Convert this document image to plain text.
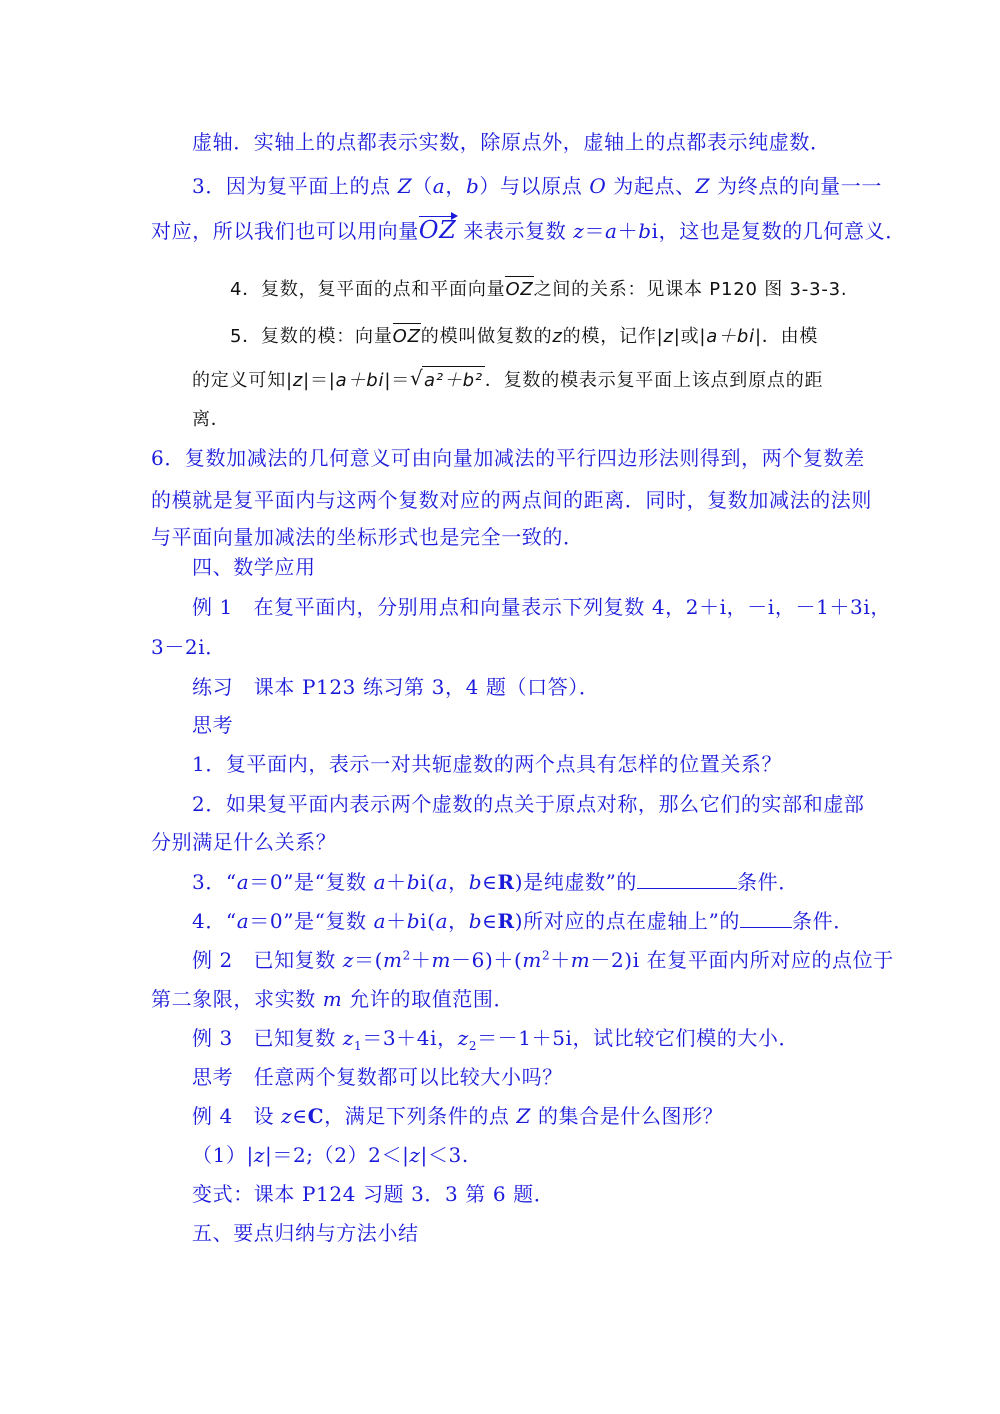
虚轴．实轴上的点都表示实数，除原点外，虚轴上的点都表示纯虚数．
3．因为复平面上的点 Z（a，b）与以原点 O 为起点、Z 为终点的向量一一
对应，所以我们也可以用向量OZ 来表示复数 z＝a＋bi，这也是复数的几何意义．
4．复数，复平面的点和平面向量OZ之间的关系：见课本 P120 图 3-3-3.
5．复数的模：向量OZ的模叫做复数的z的模，记作|z|或|a＋bi|．由模
的定义可知|z|＝|a＋bi|＝√ a²＋b² ．复数的模表示复平面上该点到原点的距
离．
6．复数加减法的几何意义可由向量加减法的平行四边形法则得到，两个复数差
的模就是复平面内与这两个复数对应的两点间的距离．同时，复数加减法的法则
与平面向量加减法的坐标形式也是完全一致的．
四、数学应用
例 1　在复平面内，分别用点和向量表示下列复数 4，2＋i，－i，－1＋3i，
3－2i．
练习　课本 P123 练习第 3，4 题（口答）．
思考
1．复平面内，表示一对共轭虚数的两个点具有怎样的位置关系？
2．如果复平面内表示两个虚数的点关于原点对称，那么它们的实部和虚部
分别满足什么关系？
3．“a＝0”是“复数 a＋bi(a，b∈R)是纯虚数”的	条件．
4．“a＝0”是“复数 a＋bi(a，b∈R)所对应的点在虚轴上”的	条件．
例 2　已知复数 $z=(m^2+m-6)+(m^2+m-2)i$ 在复平面内所对应的点位于
第二象限，求实数 m 允许的取值范围．
例 3　已知复数 $z_1=3+4i$，$z_2=-1+5i$，试比较它们模的大小．
思考　任意两个复数都可以比较大小吗？
例 4　设 z∈C，满足下列条件的点 Z 的集合是什么图形？
（1）|z|＝2;（2）2＜|z|＜3.
变式：课本 P124 习题 3．3 第 6 题．
五、要点归纳与方法小结
